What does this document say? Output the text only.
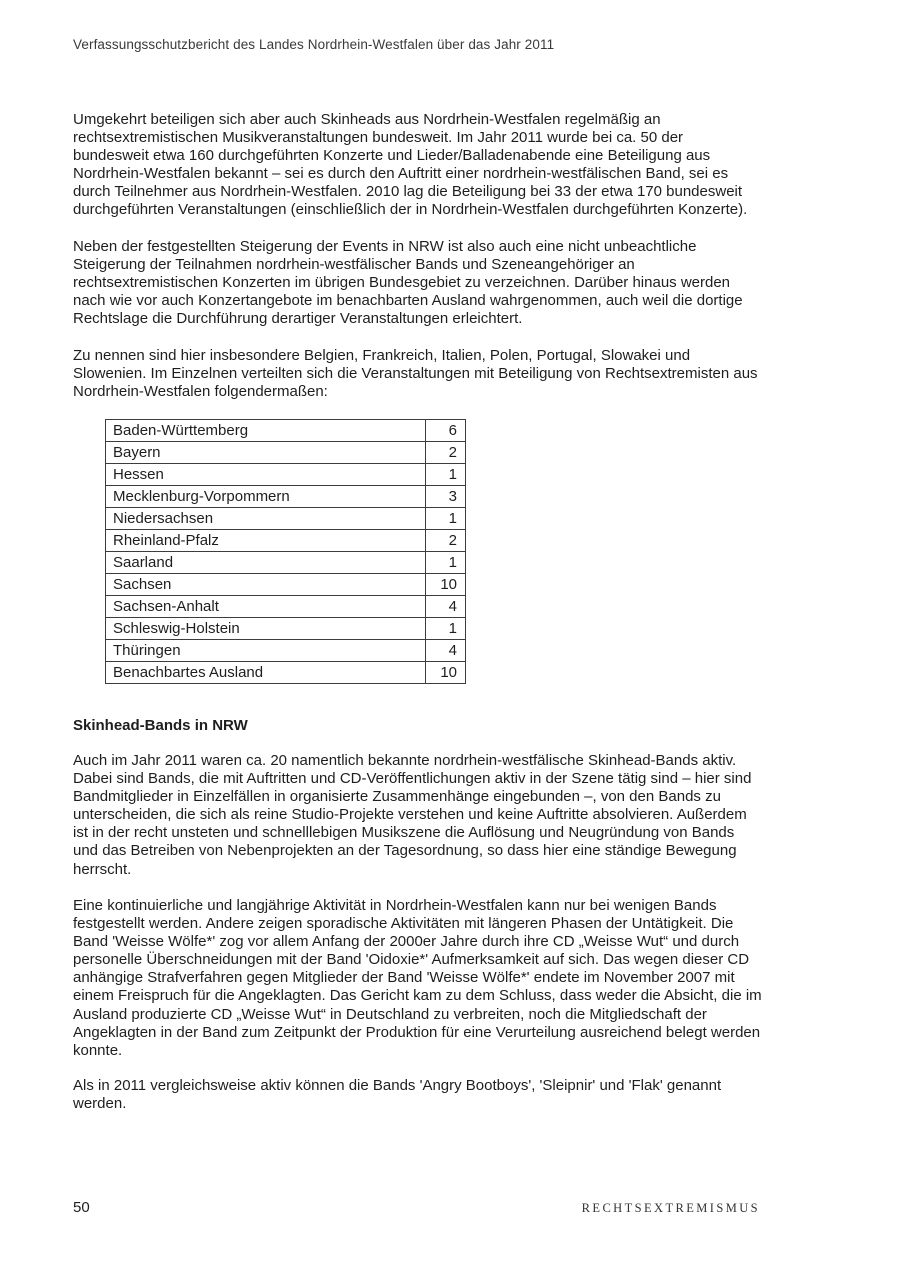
Verfassungsschutzbericht des Landes Nordrhein-Westfalen über das Jahr 2011

Umgekehrt beteiligen sich aber auch Skinheads aus Nordrhein-Westfalen regelmäßig an rechtsextremistischen Musikveranstaltungen bundesweit. Im Jahr 2011 wurde bei ca. 50 der bundesweit etwa 160 durchgeführten Konzerte und Lieder/Balladenabende eine Beteiligung aus Nordrhein-Westfalen bekannt – sei es durch den Auftritt einer nordrhein-westfälischen Band, sei es durch Teilnehmer aus Nordrhein-Westfalen. 2010 lag die Beteiligung bei 33 der etwa 170 bundesweit durchgeführten Veranstaltungen (einschließlich der in Nordrhein-Westfalen durchgeführten Konzerte).

Neben der festgestellten Steigerung der Events in NRW ist also auch eine nicht unbeachtliche Steigerung der Teilnahmen nordrhein-westfälischer Bands und Szeneangehöriger an rechtsextremistischen Konzerten im übrigen Bundesgebiet zu verzeichnen. Darüber hinaus werden nach wie vor auch Konzertangebote im benachbarten Ausland wahrgenommen, auch weil die dortige Rechtslage die Durchführung derartiger Veranstaltungen erleichtert.

Zu nennen sind hier insbesondere Belgien, Frankreich, Italien, Polen, Portugal, Slowakei und Slowenien. Im Einzelnen verteilten sich die Veranstaltungen mit Beteiligung von Rechtsextremisten aus Nordrhein-Westfalen folgendermaßen:

Baden-Württemberg	6
Bayern	2
Hessen	1
Mecklenburg-Vorpommern	3
Niedersachsen	1
Rheinland-Pfalz	2
Saarland	1
Sachsen	10
Sachsen-Anhalt	4
Schleswig-Holstein	1
Thüringen	4
Benachbartes Ausland	10
Skinhead-Bands in NRW

Auch im Jahr 2011 waren ca. 20 namentlich bekannte nordrhein-westfälische Skinhead-Bands aktiv. Dabei sind Bands, die mit Auftritten und CD-Veröffentlichungen aktiv in der Szene tätig sind – hier sind Bandmitglieder in Einzelfällen in organisierte Zusammenhänge eingebunden –, von den Bands zu unterscheiden, die sich als reine Studio-Projekte verstehen und keine Auftritte absolvieren. Außerdem ist in der recht unsteten und schnelllebigen Musikszene die Auflösung und Neugründung von Bands und das Betreiben von Nebenprojekten an der Tagesordnung, so dass hier eine ständige Bewegung herrscht.

Eine kontinuierliche und langjährige Aktivität in Nordrhein-Westfalen kann nur bei wenigen Bands festgestellt werden. Andere zeigen sporadische Aktivitäten mit längeren Phasen der Untätigkeit. Die Band 'Weisse Wölfe*' zog vor allem Anfang der 2000er Jahre durch ihre CD „Weisse Wut“ und durch personelle Überschneidungen mit der Band 'Oidoxie*' Aufmerksamkeit auf sich. Das wegen dieser CD anhängige Strafverfahren gegen Mitglieder der Band 'Weisse Wölfe*' endete im November 2007 mit einem Freispruch für die Angeklagten. Das Gericht kam zu dem Schluss, dass weder die Absicht, die im Ausland produzierte CD „Weisse Wut“ in Deutschland zu verbreiten, noch die Mitgliedschaft der Angeklagten in der Band zum Zeitpunkt der Produktion für eine Verurteilung ausreichend belegt werden konnte.

Als in 2011 vergleichsweise aktiv können die Bands 'Angry Bootboys', 'Sleipnir' und 'Flak' genannt werden.

50	RECHTSEXTREMISMUS
